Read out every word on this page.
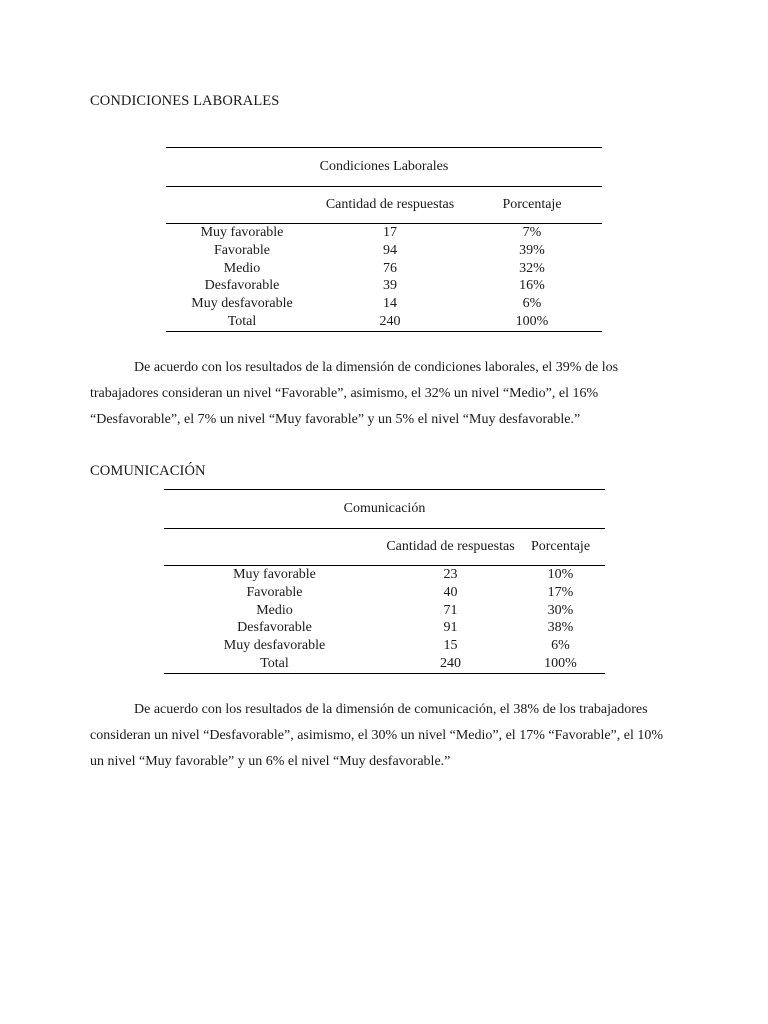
CONDICIONES LABORALES

Condiciones Laborales		
	Cantidad de respuestas	Porcentaje
Muy favorable	17	7%
Favorable	94	39%
Medio	76	32%
Desfavorable	39	16%
Muy desfavorable	14	6%
Total	240	100%
De acuerdo con los resultados de la dimensión de condiciones laborales, el 39% de los trabajadores consideran un nivel “Favorable”, asimismo, el 32% un nivel “Medio”, el 16% “Desfavorable”, el 7% un nivel “Muy favorable” y un 5% el nivel “Muy desfavorable.”
COMUNICACIÓN

Comunicación		
	Cantidad de respuestas	Porcentaje
Muy favorable	23	10%
Favorable	40	17%
Medio	71	30%
Desfavorable	91	38%
Muy desfavorable	15	6%
Total	240	100%
De acuerdo con los resultados de la dimensión de comunicación, el 38% de los trabajadores consideran un nivel “Desfavorable”, asimismo, el 30% un nivel “Medio”, el 17% “Favorable”, el 10% un nivel “Muy favorable” y un 6% el nivel “Muy desfavorable.”
